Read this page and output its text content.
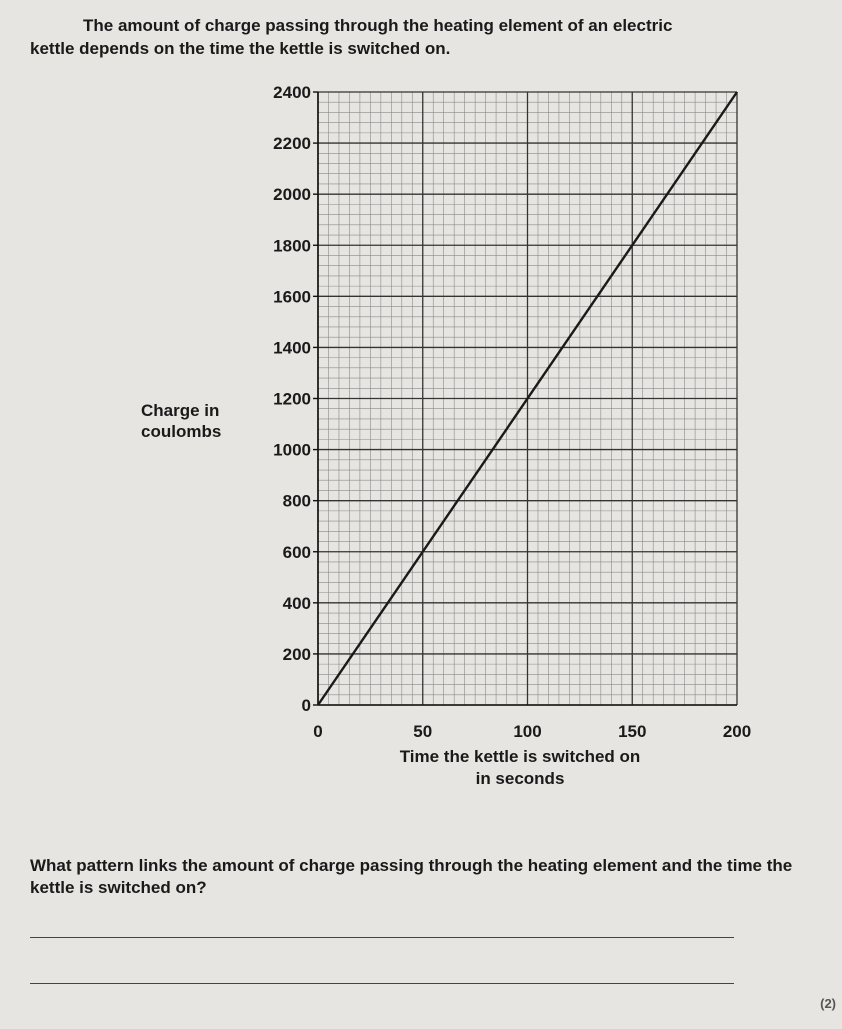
The amount of charge passing through the heating element of an electric
kettle depends on the time the kettle is switched on.
Charge in
coulombs
0
200
400
600
800
1000
1200
1400
1600
1800
2000
2200
2400
0	50	100	150	200
Time the kettle is switched on
in seconds
What pattern links the amount of charge passing through the heating element and the time the kettle is switched on?
(2)
